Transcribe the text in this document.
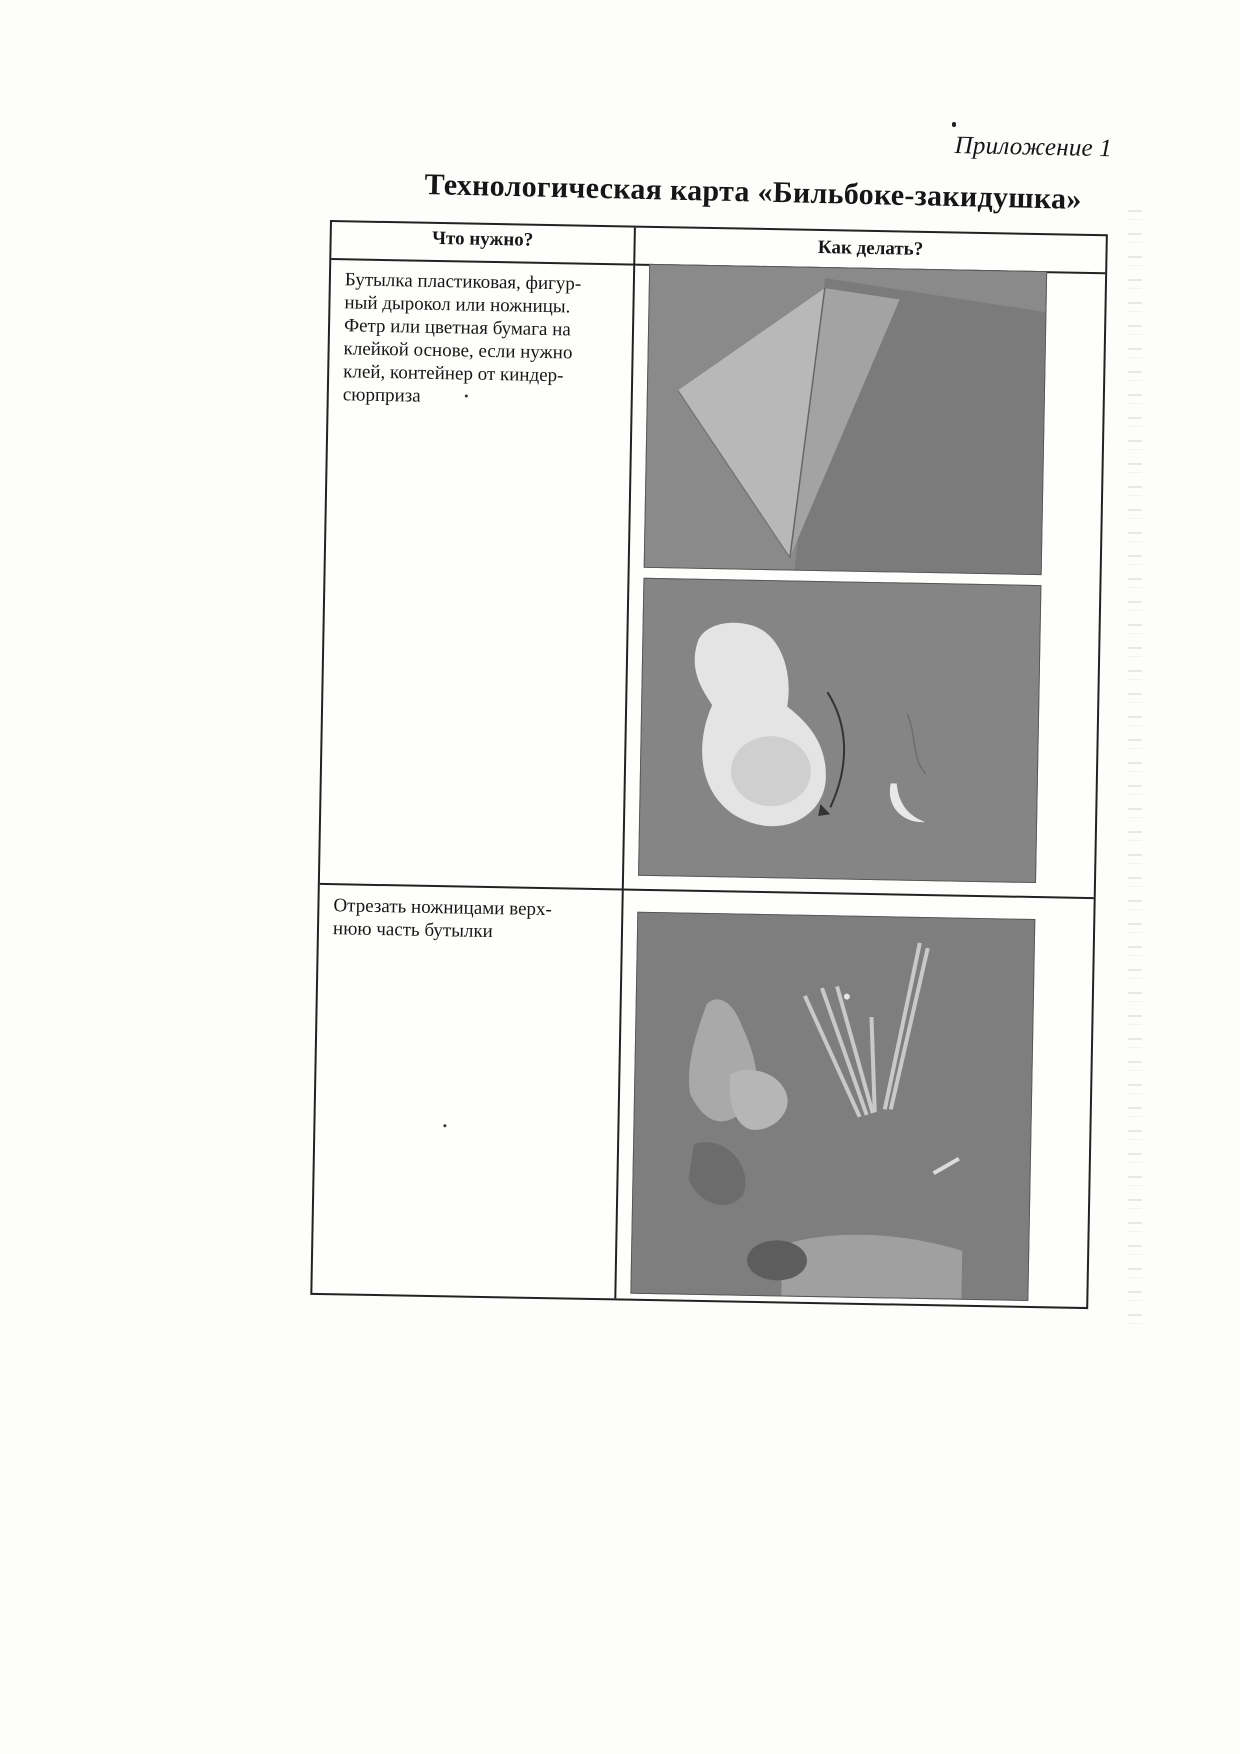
Приложение 1
Технологическая карта «Бильбоке-закидушка»
Что нужно?	Как делать?
Бутылка пластиковая, фигур-
ный дырокол или ножницы.
Фетр или цветная бумага на
клейкой основе, если нужно
клей, контейнер от киндер-
сюрприза
Отрезать ножницами верх-
нюю часть бутылки
